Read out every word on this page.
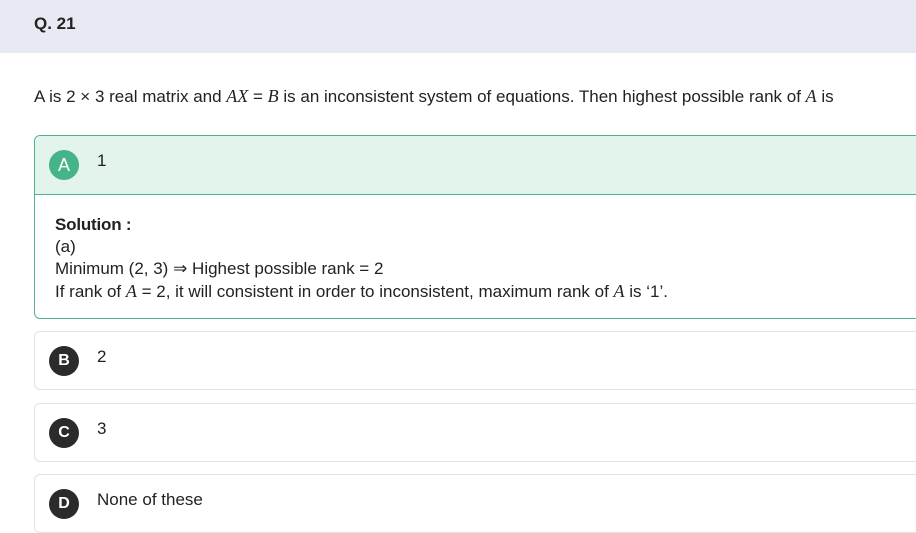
Q. 21
A is 2 × 3 real matrix and AX = B is an inconsistent system of equations. Then highest possible rank of A is
A	1
Solution :
(a)
Minimum (2, 3) ⇒ Highest possible rank = 2
If rank of A = 2, it will consistent in order to inconsistent, maximum rank of A is ‘1’.
B	2
C	3
D	None of these
